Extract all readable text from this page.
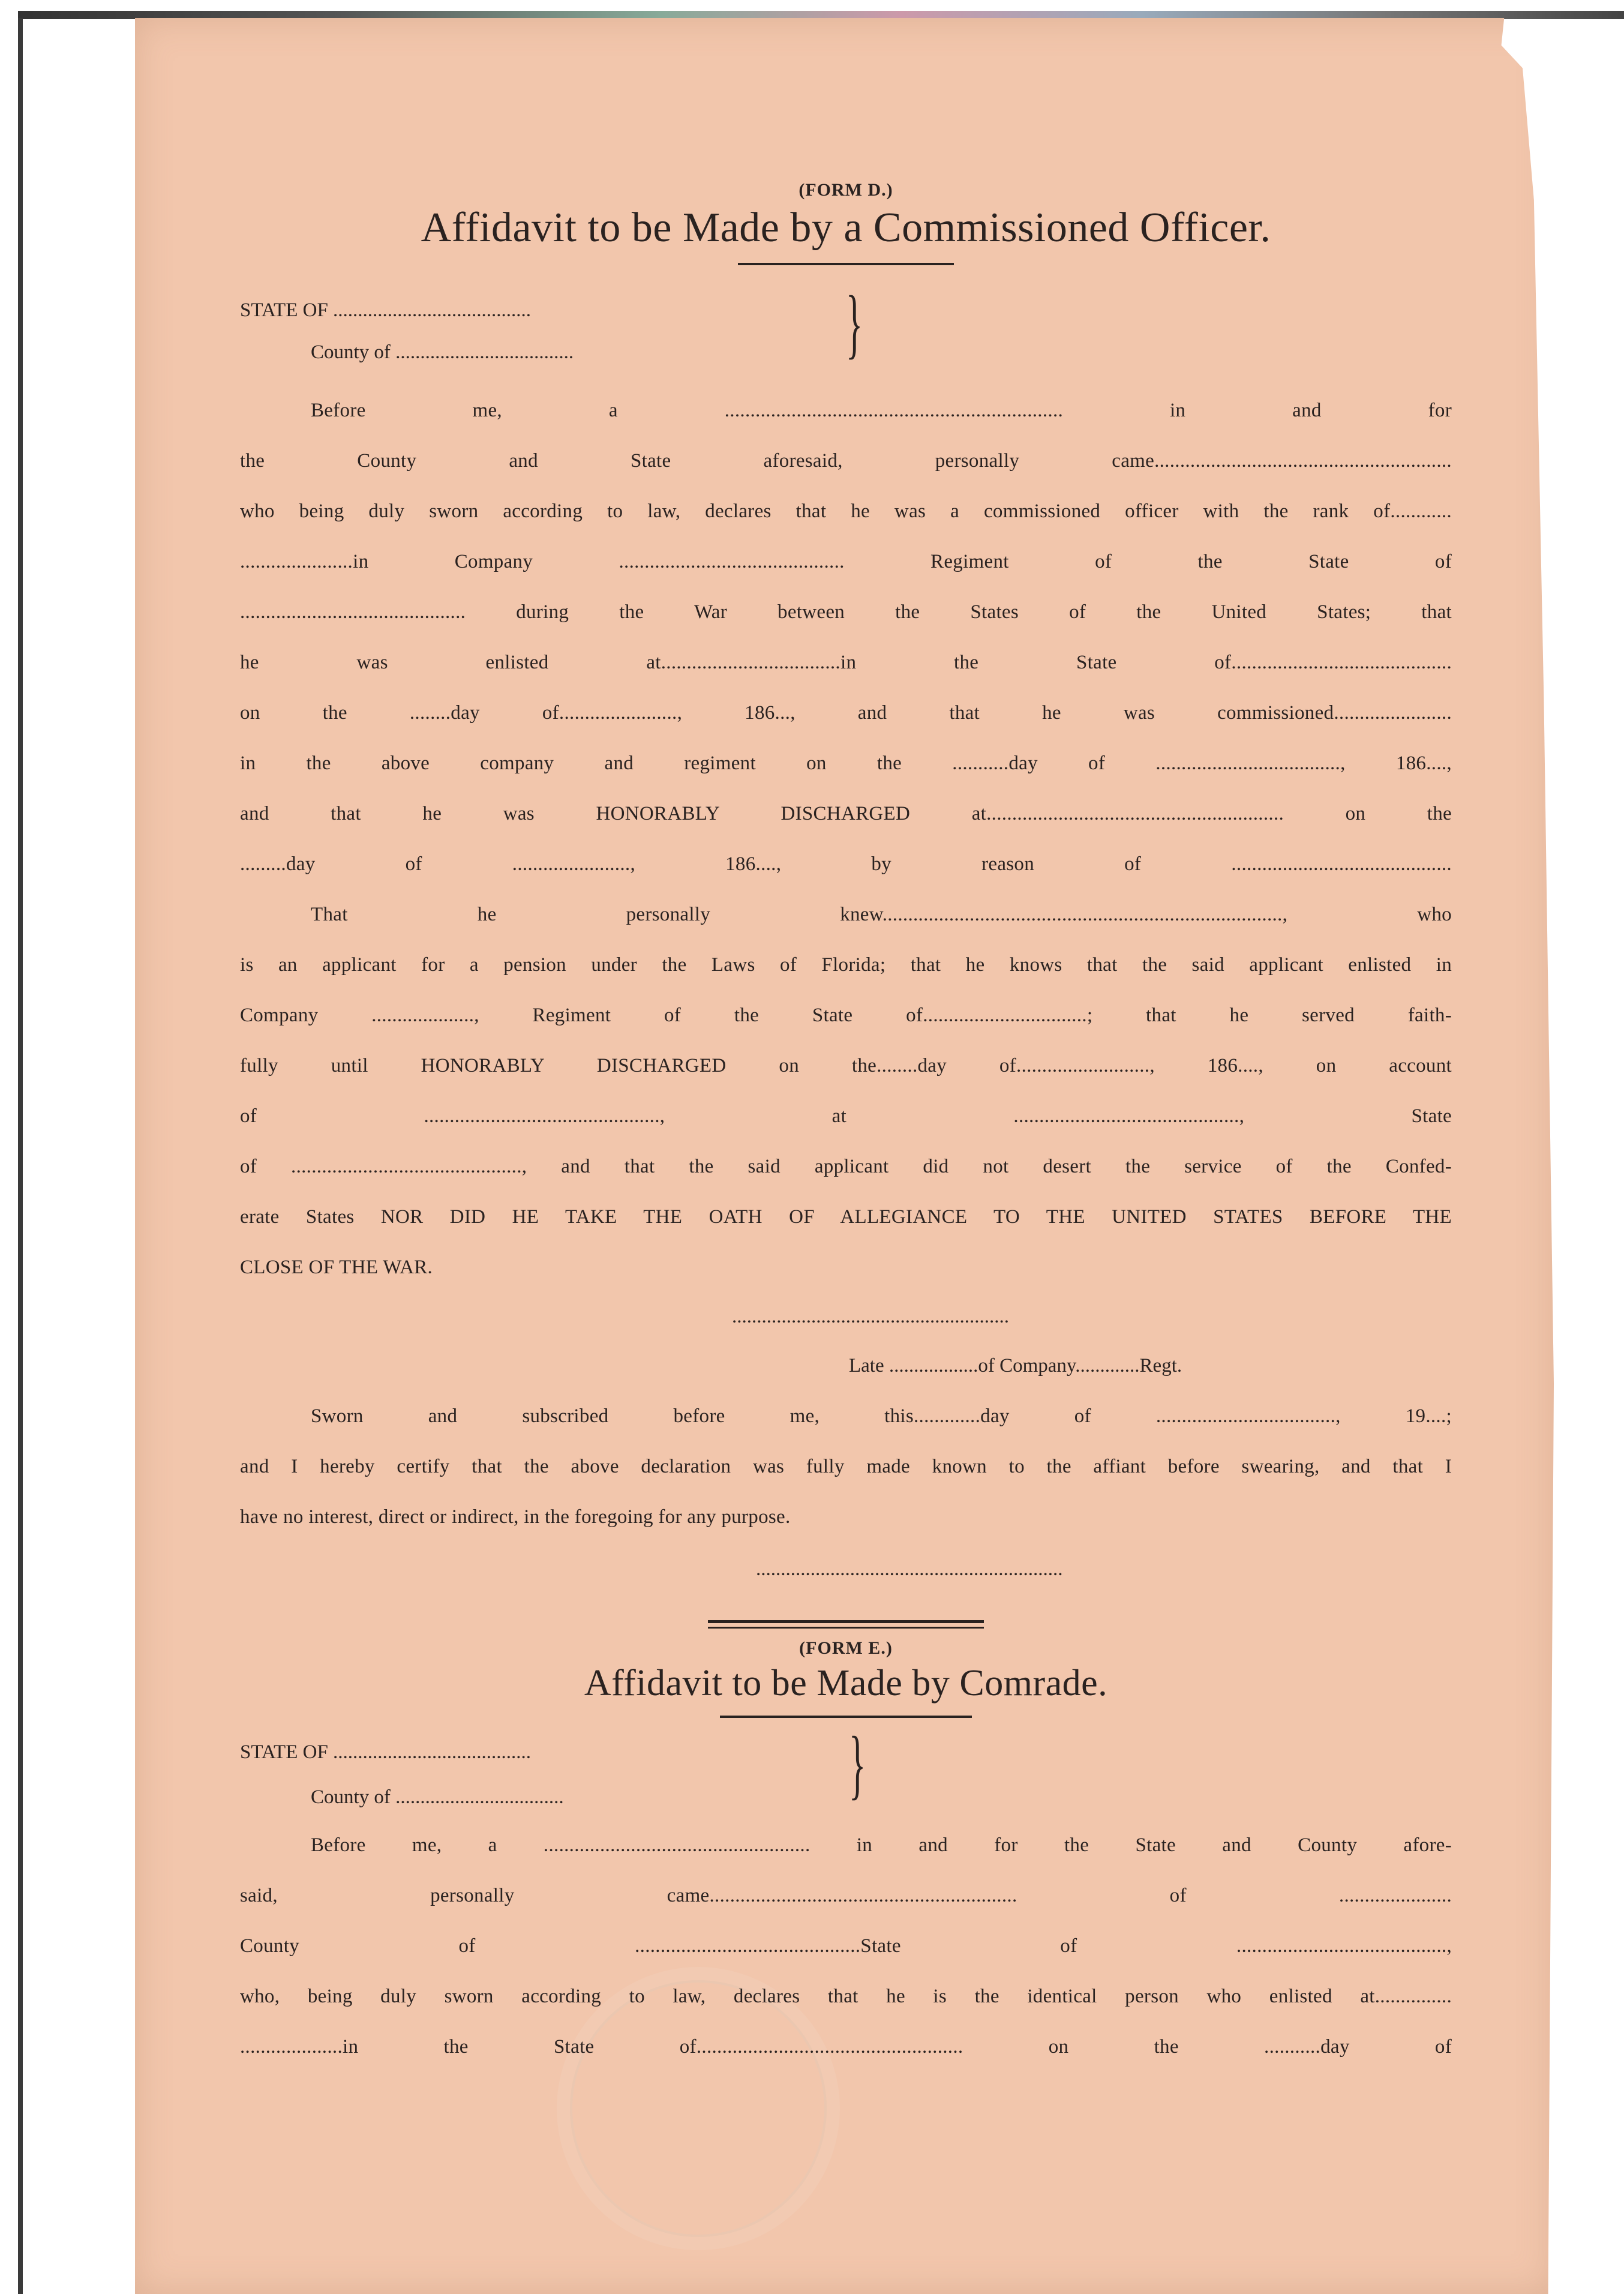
(FORM D.)
Affidavit to be Made by a Commissioned Officer.
STATE OF ........................................
County of ....................................	}
Before me, a .................................................................. in and for
the County and State aforesaid, personally came..........................................................
who being duly sworn according to law, declares that he was a commissioned officer with the rank of............
......................in Company ............................................ Regiment of the State of
............................................ during the War between the States of the United States; that
he was enlisted at...................................in the State of...........................................
on the ........day of......................., 186..., and that he was commissioned.......................
in the above company and regiment on the ...........day of ...................................., 186....,
and that he was HONORABLY DISCHARGED at.......................................................... on the
.........day of ......................., 186...., by reason of ...........................................
That he personally knew.............................................................................., who
is an applicant for a pension under the Laws of Florida; that he knows that the said applicant enlisted in
Company ...................., Regiment of the State of................................; that he served faith-
fully until HONORABLY DISCHARGED on the........day of.........................., 186...., on account
of .............................................., at ............................................, State
of ............................................., and that the said applicant did not desert the service of the Confed-
erate States NOR DID HE TAKE THE OATH OF ALLEGIANCE TO THE UNITED STATES BEFORE THE
CLOSE OF THE WAR.
........................................................
Late ..................of Company.............Regt.
Sworn and subscribed before me, this.............day of ..................................., 19....;
and I hereby certify that the above declaration was fully made known to the affiant before swearing, and that I
have no interest, direct or indirect, in the foregoing for any purpose.
..............................................................
(FORM E.)
Affidavit to be Made by Comrade.
STATE OF ........................................
County of ..................................	}
Before me, a .................................................... in and for the State and County afore-
said, personally came............................................................ of ......................
County of ............................................State of .........................................,
who, being duly sworn according to law, declares that he is the identical person who enlisted at...............
....................in the State of.................................................... on the ...........day of
